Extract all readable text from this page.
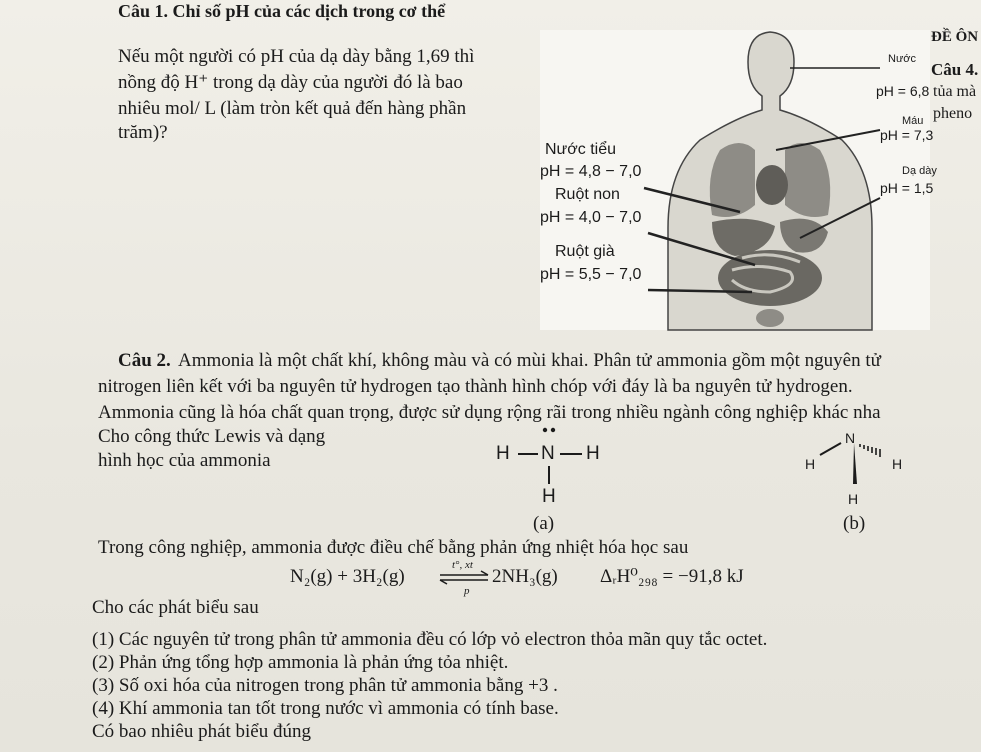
Câu 1. Chỉ số pH của các dịch trong cơ thể
Nếu một người có pH của dạ dày bằng 1,69 thì
nồng độ H⁺ trong dạ dày của người đó là bao
nhiêu mol/ L (làm tròn kết quả đến hàng phần
trăm)?
Nước tiểu
pH = 4,8 − 7,0
Ruột non
pH = 4,0 − 7,0
Ruột già
pH = 5,5 − 7,0
Nước
pH = 6,8
Máu
pH = 7,3
Dạ dày
pH = 1,5
ĐỀ ÔN
Câu 4.
tủa mà
pheno
Câu 2. Ammonia là một chất khí, không màu và có mùi khai. Phân tử ammonia gồm một nguyên tử
nitrogen liên kết với ba nguyên tử hydrogen tạo thành hình chóp với đáy là ba nguyên tử hydrogen.
Ammonia cũng là hóa chất quan trọng, được sử dụng rộng rãi trong nhiều ngành công nghiệp khác nha
Cho công thức Lewis và dạng
hình học của ammonia	H N H
H
(a)
N
H	H
H
(b)
Trong công nghiệp, ammonia được điều chế bằng phản ứng nhiệt hóa học sau
N₂(g) + 3H₂(g)
t°, xt
p
2NH₃(g) ΔᵣH⁰₂₉₈ = −91,8 kJ
Cho các phát biểu sau
(1) Các nguyên tử trong phân tử ammonia đều có lớp vỏ electron thỏa mãn quy tắc octet.
(2) Phản ứng tổng hợp ammonia là phản ứng tỏa nhiệt.
(3) Số oxi hóa của nitrogen trong phân tử ammonia bằng +3 .
(4) Khí ammonia tan tốt trong nước vì ammonia có tính base.
Có bao nhiêu phát biểu đúng
